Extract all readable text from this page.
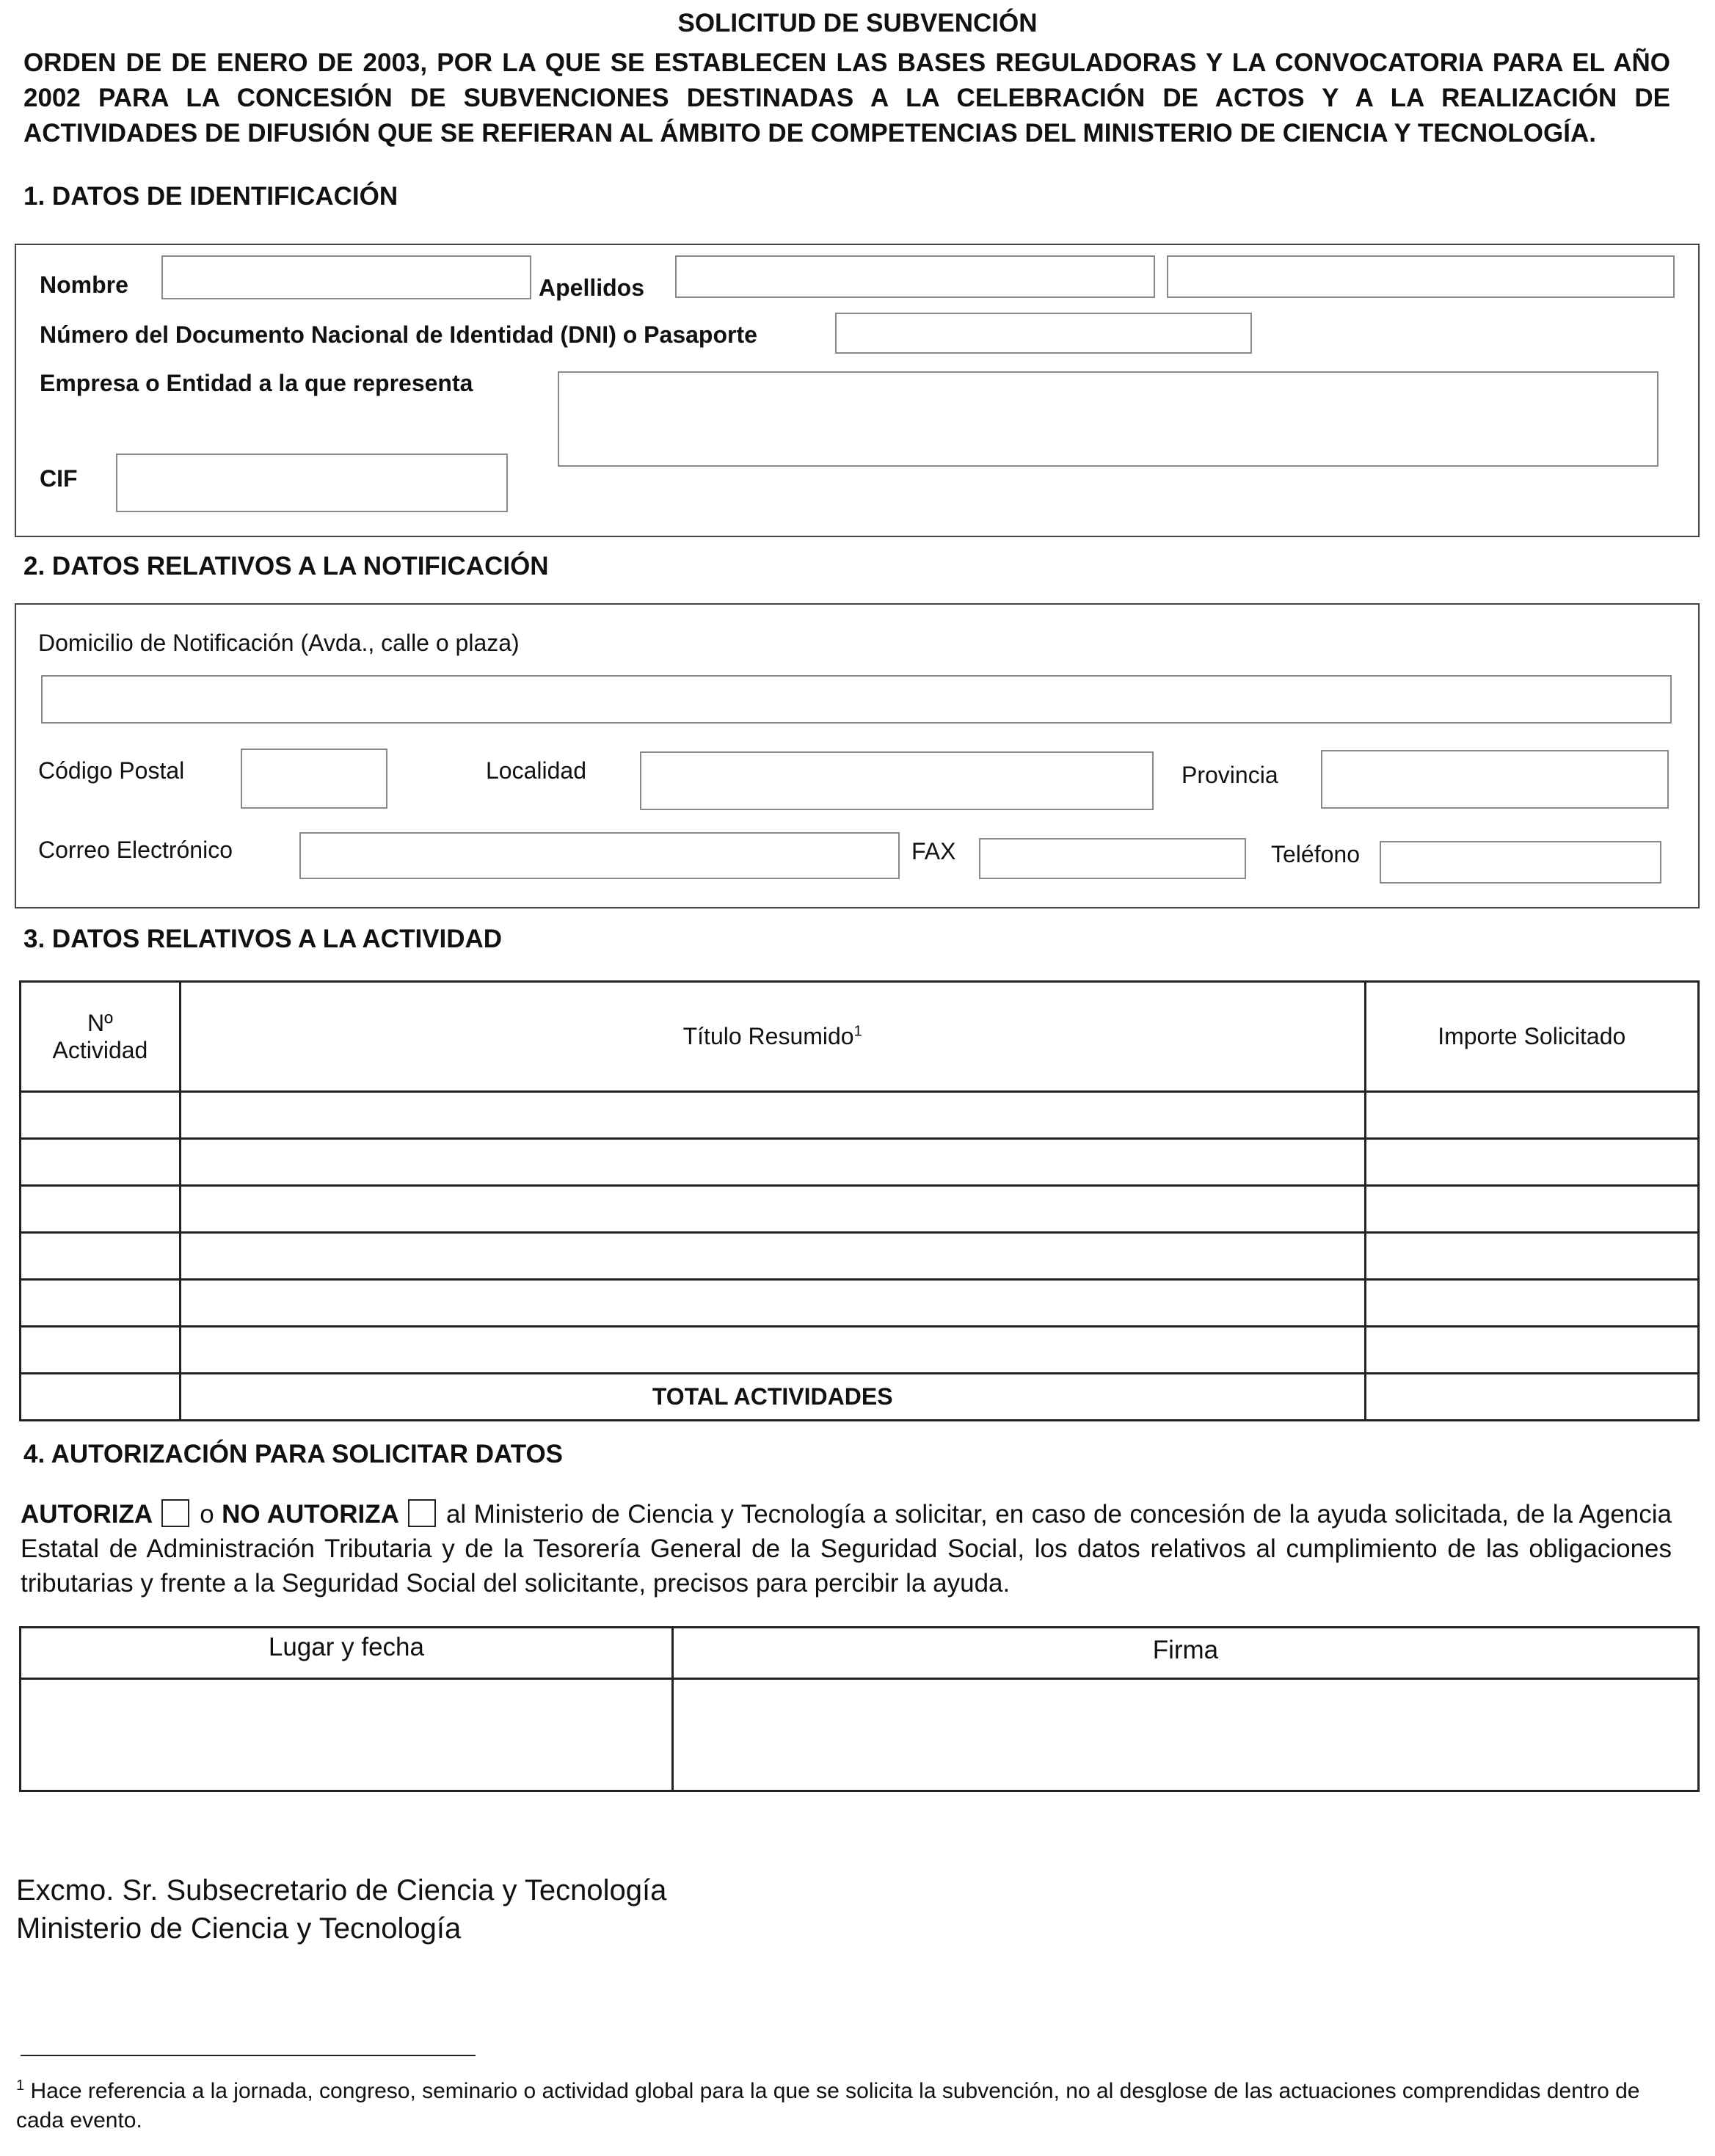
SOLICITUD DE SUBVENCIÓN
ORDEN DE DE ENERO DE 2003, POR LA QUE SE ESTABLECEN LAS BASES REGULADORAS Y LA CONVOCATORIA PARA EL AÑO 2002 PARA LA CONCESIÓN DE SUBVENCIONES DESTINADAS A LA CELEBRACIÓN DE ACTOS Y A LA REALIZACIÓN DE ACTIVIDADES DE DIFUSIÓN QUE SE REFIERAN AL ÁMBITO DE COMPETENCIAS DEL MINISTERIO DE CIENCIA Y TECNOLOGÍA.
1. DATOS DE IDENTIFICACIÓN
Nombre	Apellidos
Número del Documento Nacional de Identidad (DNI) o Pasaporte
Empresa o Entidad a la que representa
CIF
2. DATOS RELATIVOS A LA NOTIFICACIÓN
Domicilio de Notificación (Avda., calle o plaza)
Código Postal	Localidad	Provincia
Correo Electrónico	FAX	Teléfono
3. DATOS RELATIVOS A LA ACTIVIDAD
Nº
Actividad	Título Resumido$^1$	Importe Solicitado

	TOTAL ACTIVIDADES	
4. AUTORIZACIÓN PARA SOLICITAR DATOS
AUTORIZA o NO AUTORIZA al Ministerio de Ciencia y Tecnología a solicitar, en caso de concesión de la ayuda solicitada, de la Agencia Estatal de Administración Tributaria y de la Tesorería General de la Seguridad Social, los datos relativos al cumplimiento de las obligaciones tributarias y frente a la Seguridad Social del solicitante, precisos para percibir la ayuda.
Lugar y fecha	Firma

Excmo. Sr. Subsecretario de Ciencia y Tecnología
Ministerio de Ciencia y Tecnología
$^1$ Hace referencia a la jornada, congreso, seminario o actividad global para la que se solicita la subvención, no al desglose de las actuaciones comprendidas dentro de cada evento.
